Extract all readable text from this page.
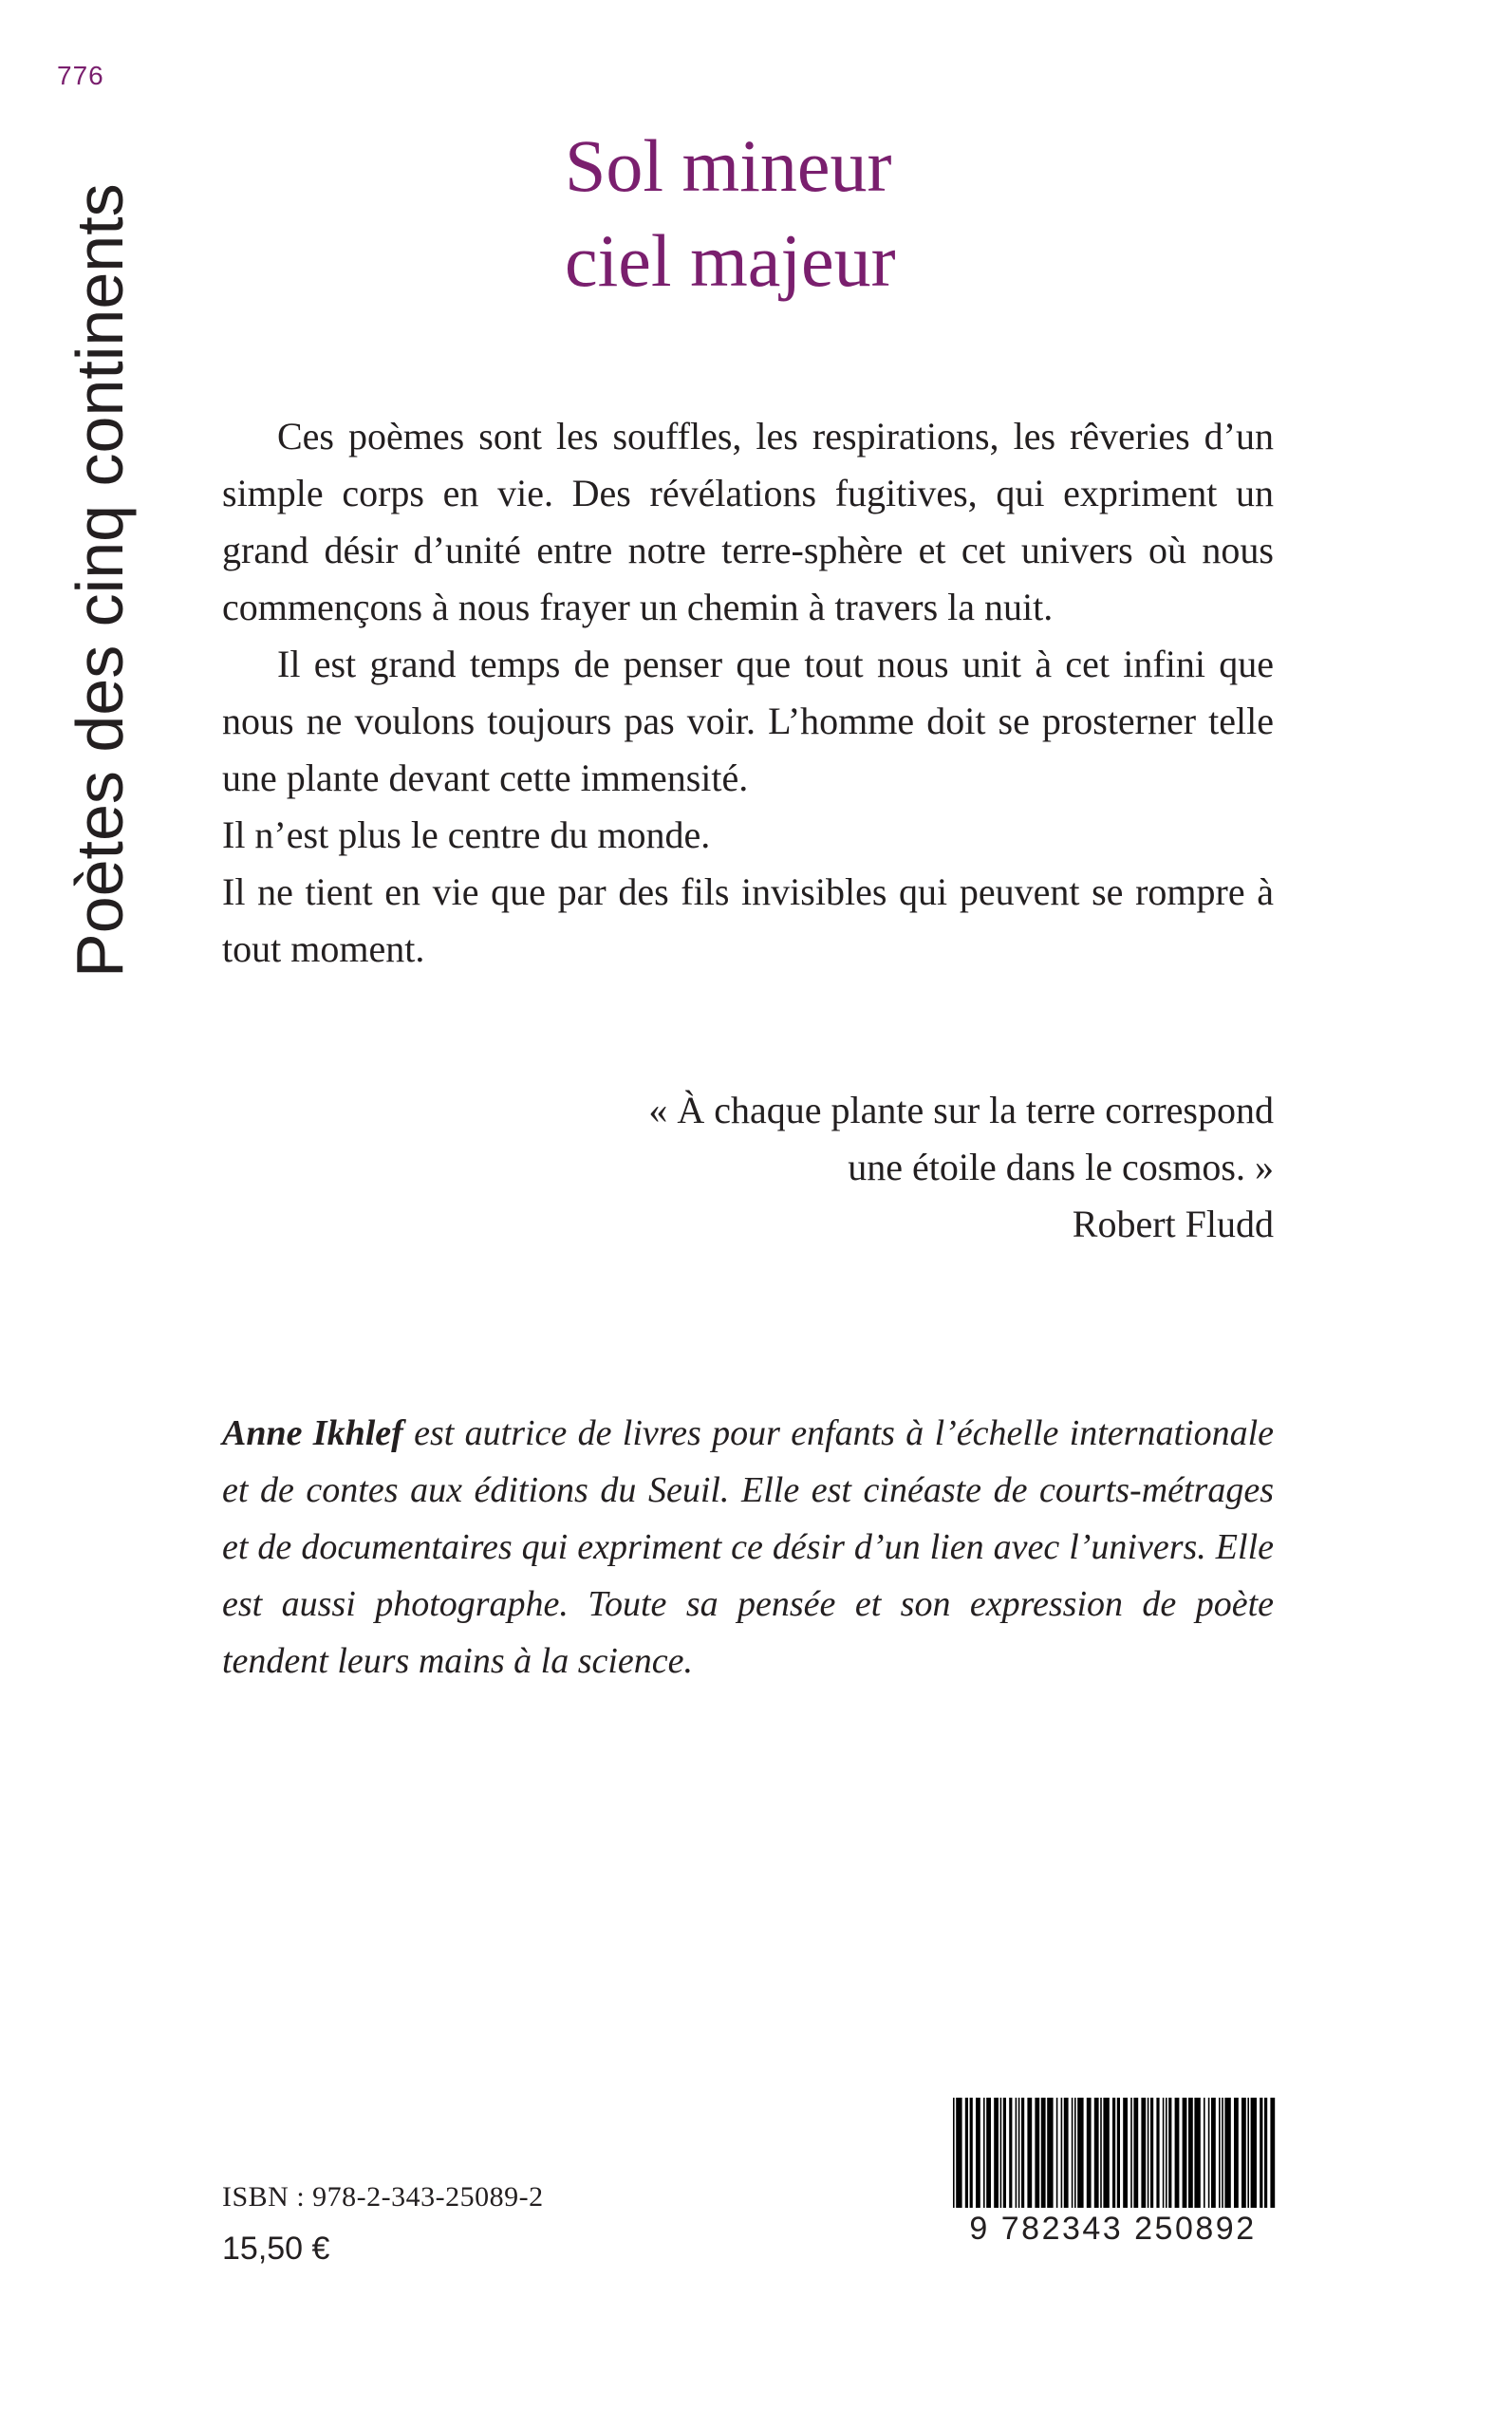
776
Poètes des cinq continents
Sol mineur
ciel majeur

Ces poèmes sont les souffles, les respirations, les rêveries d’un simple corps en vie. Des révélations fugitives, qui expriment un grand désir d’unité entre notre terre-sphère et cet univers où nous commençons à nous frayer un chemin à travers la nuit.

Il est grand temps de penser que tout nous unit à cet infini que nous ne voulons toujours pas voir. L’homme doit se prosterner telle une plante devant cette immensité.

Il n’est plus le centre du monde.

Il ne tient en vie que par des fils invisibles qui peuvent se rompre à tout moment.

« À chaque plante sur la terre correspond
une étoile dans le cosmos. »
Robert Fludd
Anne Ikhlef est autrice de livres pour enfants à l’échelle internationale et de contes aux éditions du Seuil. Elle est cinéaste de courts-métrages et de documentaires qui expriment ce désir d’un lien avec l’univers. Elle est aussi photographe. Toute sa pensée et son expression de poète tendent leurs mains à la science.
ISBN : 978-2-343-25089-2
15,50 €
9 782343 250892
